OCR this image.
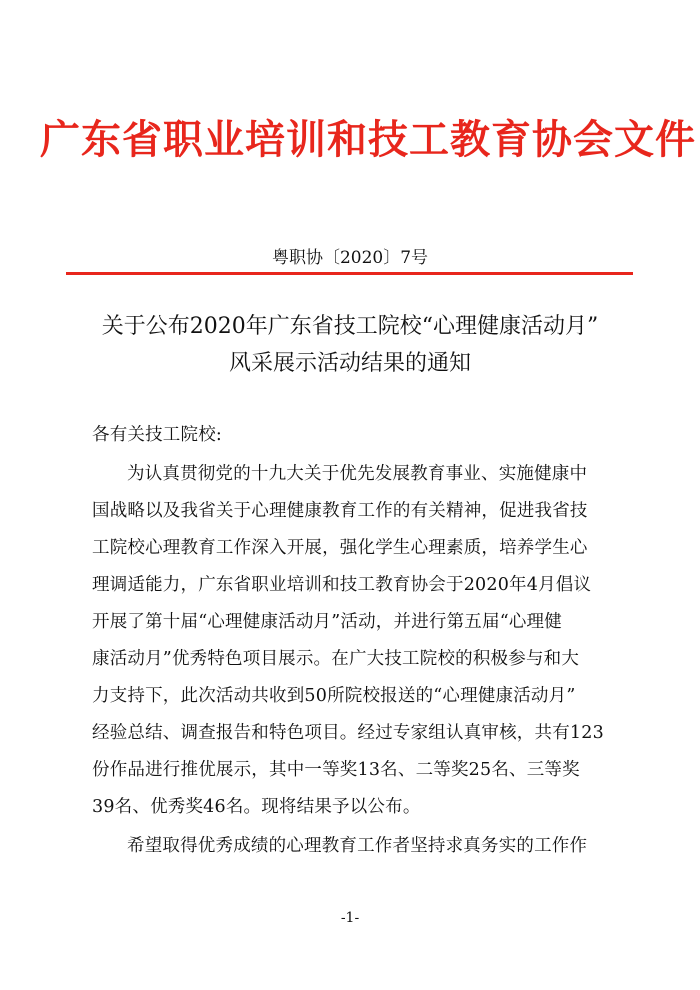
广东省职业培训和技工教育协会文件
粤职协〔2020〕7号
关于公布2020年广东省技工院校“心理健康活动月”
风采展示活动结果的通知
各有关技工院校:
为认真贯彻党的十九大关于优先发展教育事业、实施健康中
国战略以及我省关于心理健康教育工作的有关精神，促进我省技
工院校心理教育工作深入开展，强化学生心理素质，培养学生心
理调适能力，广东省职业培训和技工教育协会于2020年4月倡议
开展了第十届“心理健康活动月”活动，并进行第五届“心理健
康活动月”优秀特色项目展示。在广大技工院校的积极参与和大
力支持下，此次活动共收到50所院校报送的“心理健康活动月”
经验总结、调查报告和特色项目。经过专家组认真审核，共有123
份作品进行推优展示，其中一等奖13名、二等奖25名、三等奖
39名、优秀奖46名。现将结果予以公布。
希望取得优秀成绩的心理教育工作者坚持求真务实的工作作
-1-
